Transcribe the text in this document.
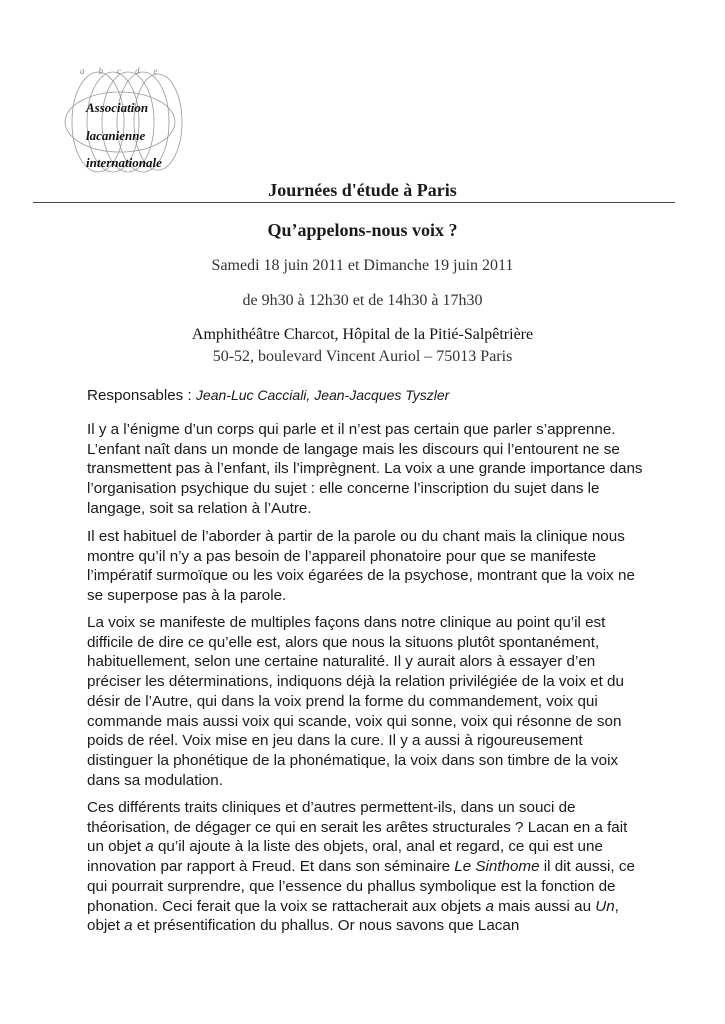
abcde
Association
lacanienne
internationale
Journées d'étude à Paris
Qu’appelons-nous voix ?
Samedi 18 juin 2011 et Dimanche 19 juin 2011
de 9h30 à 12h30 et de 14h30 à 17h30
Amphithéâtre Charcot, Hôpital de la Pitié-Salpêtrière
50-52, boulevard Vincent Auriol – 75013 Paris
Responsables : Jean-Luc Cacciali, Jean-Jacques Tyszler

Il y a l’énigme d’un corps qui parle et il n’est pas certain que parler s’apprenne. L’enfant naît dans un monde de langage mais les discours qui l’entourent ne se transmettent pas à l’enfant, ils l’imprègnent. La voix a une grande importance dans l’organisation psychique du sujet : elle concerne l’inscription du sujet dans le langage, soit sa relation à l’Autre.

Il est habituel de l’aborder à partir de la parole ou du chant mais la clinique nous montre qu’il n’y a pas besoin de l’appareil phonatoire pour que se manifeste l’impératif surmoïque ou les voix égarées de la psychose, montrant que la voix ne se superpose pas à la parole.

La voix se manifeste de multiples façons dans notre clinique au point qu’il est difficile de dire ce qu’elle est, alors que nous la situons plutôt spontanément, habituellement, selon une certaine naturalité. Il y aurait alors à essayer d’en préciser les déterminations, indiquons déjà la relation privilégiée de la voix et du désir de l’Autre, qui dans la voix prend la forme du commandement, voix qui commande mais aussi voix qui scande, voix qui sonne, voix qui résonne de son poids de réel. Voix mise en jeu dans la cure. Il y a aussi à rigoureusement distinguer la phonétique de la phonématique, la voix dans son timbre de la voix dans sa modulation.

Ces différents traits cliniques et d’autres permettent-ils, dans un souci de théorisation, de dégager ce qui en serait les arêtes structurales ? Lacan en a fait un objet a qu’il ajoute à la liste des objets, oral, anal et regard, ce qui est une innovation par rapport à Freud. Et dans son séminaire Le Sinthome il dit aussi, ce qui pourrait surprendre, que l’essence du phallus symbolique est la fonction de phonation. Ceci ferait que la voix se rattacherait aux objets a mais aussi au Un, objet a et présentification du phallus. Or nous savons que Lacan
